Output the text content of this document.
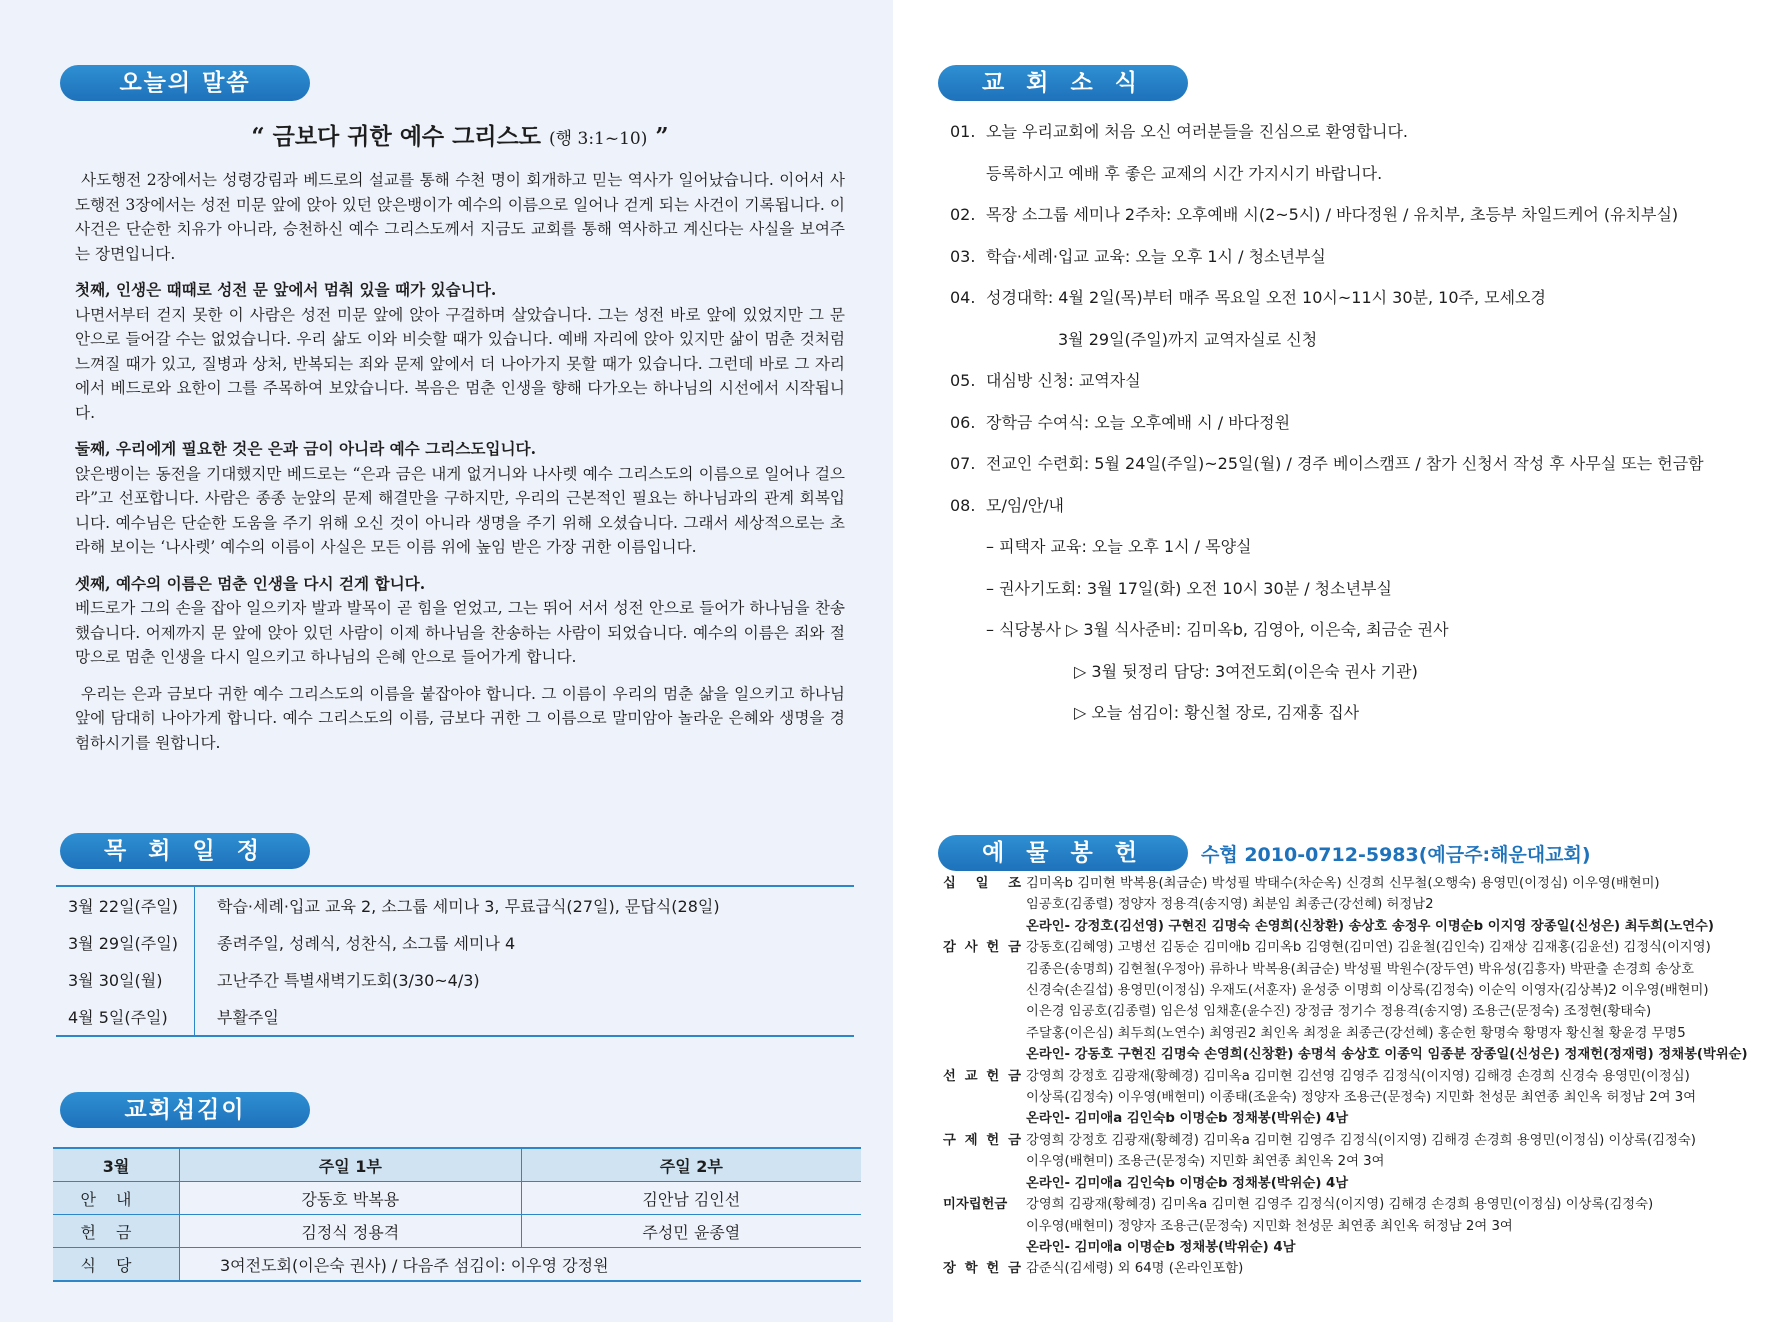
오늘의 말씀
“ 금보다 귀한 예수 그리스도 (행 3:1~10) ”

사도행전 2장에서는 성령강림과 베드로의 설교를 통해 수천 명이 회개하고 믿는 역사가 일어났습니다. 이어서 사도행전 3장에서는 성전 미문 앞에 앉아 있던 앉은뱅이가 예수의 이름으로 일어나 걷게 되는 사건이 기록됩니다. 이 사건은 단순한 치유가 아니라, 승천하신 예수 그리스도께서 지금도 교회를 통해 역사하고 계신다는 사실을 보여주는 장면입니다.

첫째, 인생은 때때로 성전 문 앞에서 멈춰 있을 때가 있습니다.
나면서부터 걷지 못한 이 사람은 성전 미문 앞에 앉아 구걸하며 살았습니다. 그는 성전 바로 앞에 있었지만 그 문 안으로 들어갈 수는 없었습니다. 우리 삶도 이와 비슷할 때가 있습니다. 예배 자리에 앉아 있지만 삶이 멈춘 것처럼 느껴질 때가 있고, 질병과 상처, 반복되는 죄와 문제 앞에서 더 나아가지 못할 때가 있습니다. 그런데 바로 그 자리에서 베드로와 요한이 그를 주목하여 보았습니다. 복음은 멈춘 인생을 향해 다가오는 하나님의 시선에서 시작됩니다.

둘째, 우리에게 필요한 것은 은과 금이 아니라 예수 그리스도입니다.
앉은뱅이는 동전을 기대했지만 베드로는 “은과 금은 내게 없거니와 나사렛 예수 그리스도의 이름으로 일어나 걸으라”고 선포합니다. 사람은 종종 눈앞의 문제 해결만을 구하지만, 우리의 근본적인 필요는 하나님과의 관계 회복입니다. 예수님은 단순한 도움을 주기 위해 오신 것이 아니라 생명을 주기 위해 오셨습니다. 그래서 세상적으로는 초라해 보이는 ‘나사렛’ 예수의 이름이 사실은 모든 이름 위에 높임 받은 가장 귀한 이름입니다.

셋째, 예수의 이름은 멈춘 인생을 다시 걷게 합니다.
베드로가 그의 손을 잡아 일으키자 발과 발목이 곧 힘을 얻었고, 그는 뛰어 서서 성전 안으로 들어가 하나님을 찬송했습니다. 어제까지 문 앞에 앉아 있던 사람이 이제 하나님을 찬송하는 사람이 되었습니다. 예수의 이름은 죄와 절망으로 멈춘 인생을 다시 일으키고 하나님의 은혜 안으로 들어가게 합니다.

우리는 은과 금보다 귀한 예수 그리스도의 이름을 붙잡아야 합니다. 그 이름이 우리의 멈춘 삶을 일으키고 하나님 앞에 담대히 나아가게 합니다. 예수 그리스도의 이름, 금보다 귀한 그 이름으로 말미암아 놀라운 은혜와 생명을 경험하시기를 원합니다.

목 회 일 정
3월 22일(주일)	학습·세례·입교 교육 2, 소그룹 세미나 3, 무료급식(27일), 문답식(28일)
3월 29일(주일)	종려주일, 성례식, 성찬식, 소그룹 세미나 4
3월 30일(월)	고난주간 특별새벽기도회(3/30~4/3)
4월 5일(주일)	부활주일
교회섬김이
3월	주일 1부	주일 2부
안내	강동호 박복용	김안남 김인선
헌금	김정식 정용격	주성민 윤종열
식당	3여전도회(이은숙 권사) / 다음주 섬김이: 이우영 강정원	
교 회 소 식
예 물 봉 헌
01. 오늘 우리교회에 처음 오신 여러분들을 진심으로 환영합니다.
등록하시고 예배 후 좋은 교제의 시간 가지시기 바랍니다.
02. 목장 소그룹 세미나 2주차: 오후예배 시(2~5시) / 바다정원 / 유치부, 초등부 차일드케어 (유치부실)
03. 학습·세례·입교 교육: 오늘 오후 1시 / 청소년부실
04. 성경대학: 4월 2일(목)부터 매주 목요일 오전 10시~11시 30분, 10주, 모세오경
3월 29일(주일)까지 교역자실로 신청
05. 대심방 신청: 교역자실
06. 장학금 수여식: 오늘 오후예배 시 / 바다정원
07. 전교인 수련회: 5월 24일(주일)~25일(월) / 경주 베이스캠프 / 참가 신청서 작성 후 사무실 또는 헌금함
08. 모/임/안/내
– 피택자 교육: 오늘 오후 1시 / 목양실
– 권사기도회: 3월 17일(화) 오전 10시 30분 / 청소년부실
– 식당봉사 ▷ 3월 식사준비: 김미옥b, 김영아, 이은숙, 최금순 권사
▷ 3월 뒷정리 담당: 3여전도회(이은숙 권사 기관)
▷ 오늘 섬김이: 황신철 장로, 김재홍 집사
수협 2010-0712-5983(예금주:해운대교회)
십 일 조 김미옥b 김미현 박복용(최금순) 박성필 박태수(차순옥) 신경희 신무철(오행숙) 용영민(이정심) 이우영(배현미)
임공호(김종렬) 정양자 정용격(송지영) 최분임 최종근(강선혜) 허정남2
온라인- 강정호(김선영) 구현진 김명숙 손영희(신창환) 송상호 송정우 이명순b 이지영 장종일(신성은) 최두희(노연수)
감 사 헌 금 강동호(김혜영) 고병선 김동순 김미애b 김미옥b 김영현(김미연) 김윤철(김인숙) 김재상 김재홍(김윤선) 김정식(이지영)
김종은(송명희) 김현철(우정아) 류하나 박복용(최금순) 박성필 박원수(장두연) 박유성(김흥자) 박판출 손경희 송상호
신경숙(손길섭) 용영민(이정심) 우재도(서훈자) 윤성중 이명희 이상록(김정숙) 이순익 이영자(김상복)2 이우영(배현미)
이은경 임공호(김종렬) 임은성 임채훈(윤수진) 장정금 정기수 정용격(송지영) 조용근(문정숙) 조정현(황태숙)
주달홍(이은심) 최두희(노연수) 최영권2 최인옥 최정윤 최종근(강선혜) 홍순헌 황명숙 황명자 황신철 황윤경 무명5
온라인- 강동호 구현진 김명숙 손영희(신창환) 송명석 송상호 이종익 임종분 장종일(신성은) 정재헌(정재령) 정채봉(박위순)
선 교 헌 금 강영희 강정호 김광재(황혜경) 김미옥a 김미현 김선영 김영주 김정식(이지영) 김해경 손경희 신경숙 용영민(이정심)
이상록(김정숙) 이우영(배현미) 이종태(조윤숙) 정양자 조용근(문정숙) 지민화 천성문 최연종 최인옥 허정남 2여 3여
온라인- 김미애a 김인숙b 이명순b 정채봉(박위순) 4남
구 제 헌 금 강영희 강정호 김광재(황혜경) 김미옥a 김미현 김영주 김정식(이지영) 김해경 손경희 용영민(이정심) 이상록(김정숙)
이우영(배현미) 조용근(문정숙) 지민화 최연종 최인옥 2여 3여
온라인- 김미애a 김인숙b 이명순b 정채봉(박위순) 4남
미자립헌금	강영희 김광재(황혜경) 김미옥a 김미현 김영주 김정식(이지영) 김해경 손경희 용영민(이정심) 이상록(김정숙)
이우영(배현미) 정양자 조용근(문정숙) 지민화 천성문 최연종 최인옥 허정남 2여 3여
온라인- 김미애a 이명순b 정채봉(박위순) 4남
장 학 헌 금 감준식(김세령) 외 64명 (온라인포함)
